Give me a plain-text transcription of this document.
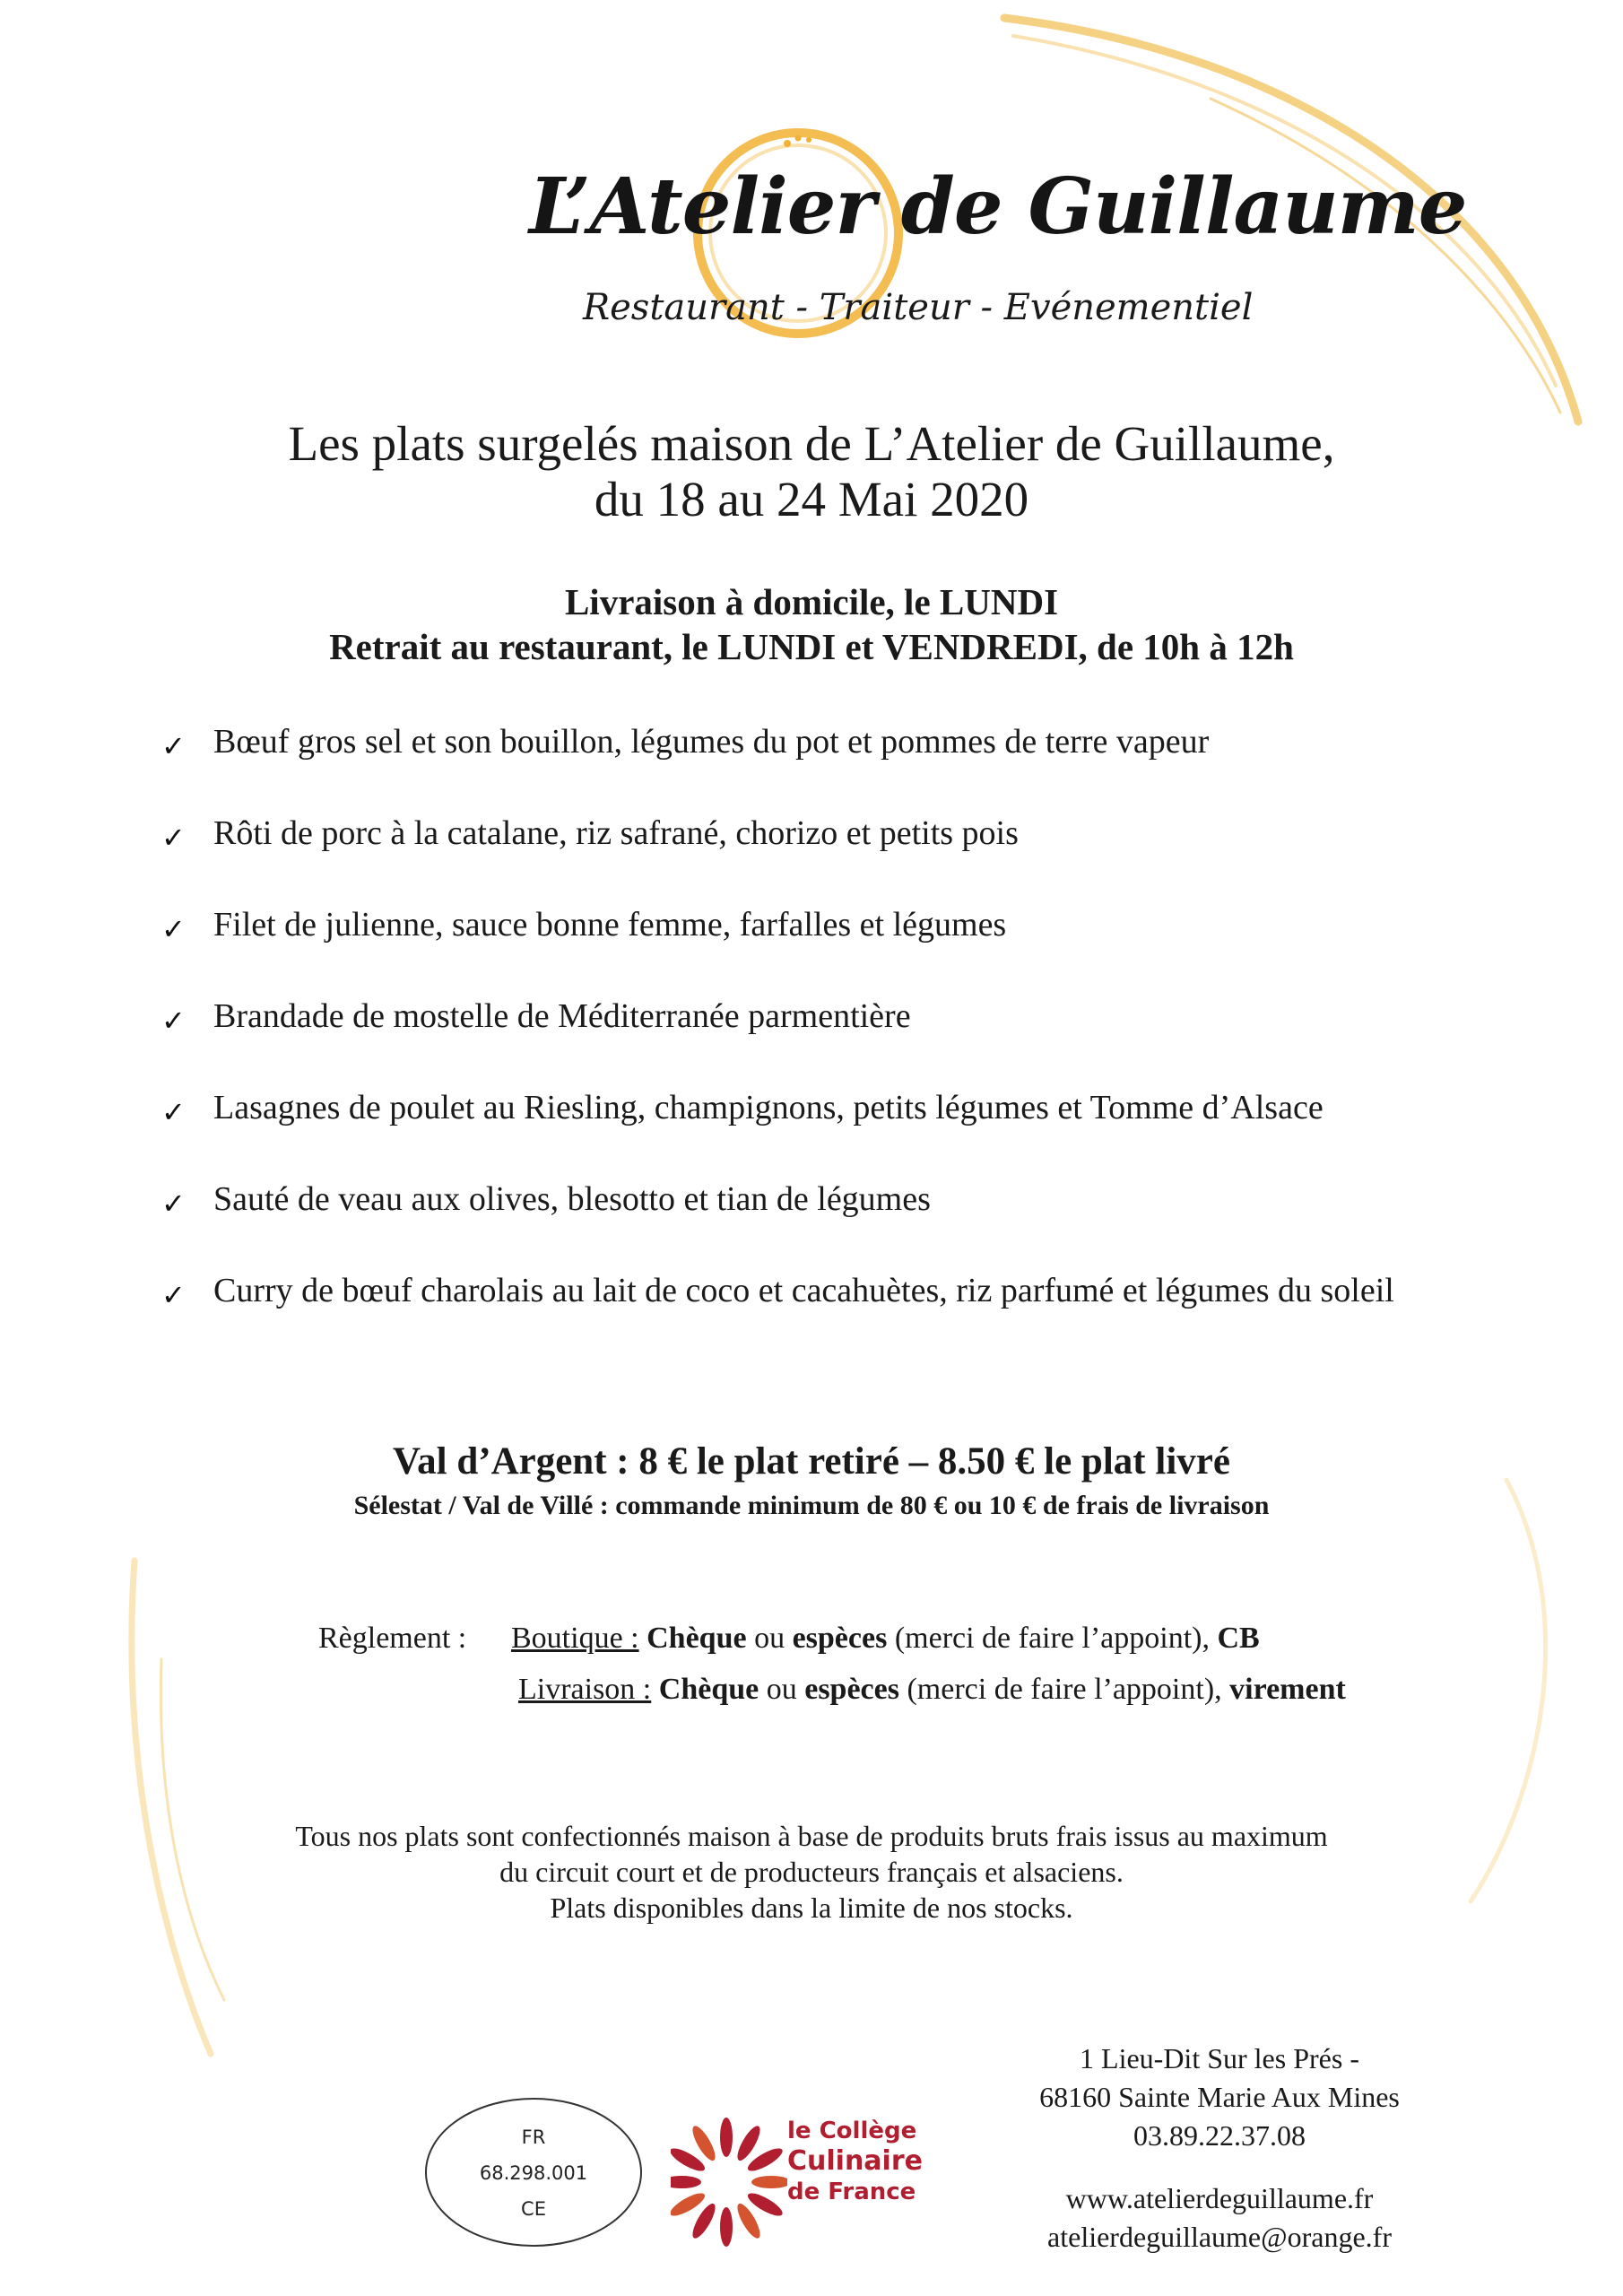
L’Atelier de Guillaume
Restaurant - Traiteur - Evénementiel
Les plats surgelés maison de L’Atelier de Guillaume,
du 18 au 24 Mai 2020
Livraison à domicile, le LUNDI
Retrait au restaurant, le LUNDI et VENDREDI, de 10h à 12h
✓ Bœuf gros sel et son bouillon, légumes du pot et pommes de terre vapeur
✓ Rôti de porc à la catalane, riz safrané, chorizo et petits pois
✓ Filet de julienne, sauce bonne femme, farfalles et légumes
✓ Brandade de mostelle de Méditerranée parmentière
✓ Lasagnes de poulet au Riesling, champignons, petits légumes et Tomme d’Alsace
✓ Sauté de veau aux olives, blesotto et tian de légumes
✓ Curry de bœuf charolais au lait de coco et cacahuètes, riz parfumé et légumes du soleil
Val d’Argent : 8 € le plat retiré – 8.50 € le plat livré
Sélestat / Val de Villé : commande minimum de 80 € ou 10 € de frais de livraison
Règlement : Boutique : Chèque ou espèces (merci de faire l’appoint), CB
Livraison : Chèque ou espèces (merci de faire l’appoint), virement
Tous nos plats sont confectionnés maison à base de produits bruts frais issus au maximum
du circuit court et de producteurs français et alsaciens.
Plats disponibles dans la limite de nos stocks.
FR
68.298.001
CE
le Collège
Culinaire
de France
1 Lieu-Dit Sur les Prés -
68160 Sainte Marie Aux Mines
03.89.22.37.08
www.atelierdeguillaume.fr
atelierdeguillaume@orange.fr
